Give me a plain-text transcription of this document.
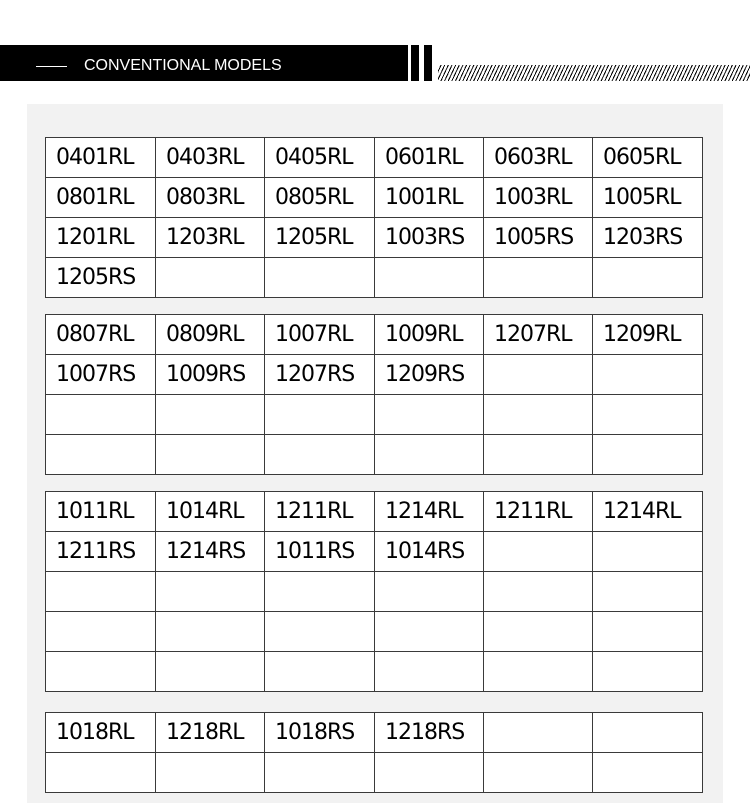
CONVENTIONAL MODELS
0401RL	0403RL	0405RL	0601RL	0603RL	0605RL
0801RL	0803RL	0805RL	1001RL	1003RL	1005RL
1201RL	1203RL	1205RL	1003RS	1005RS	1203RS
1205RS					
0807RL	0809RL	1007RL	1009RL	1207RL	1209RL
1007RS	1009RS	1207RS	1209RS		

1011RL	1014RL	1211RL	1214RL	1211RL	1214RL
1211RS	1214RS	1011RS	1014RS		

1018RL	1218RL	1018RS	1218RS		
